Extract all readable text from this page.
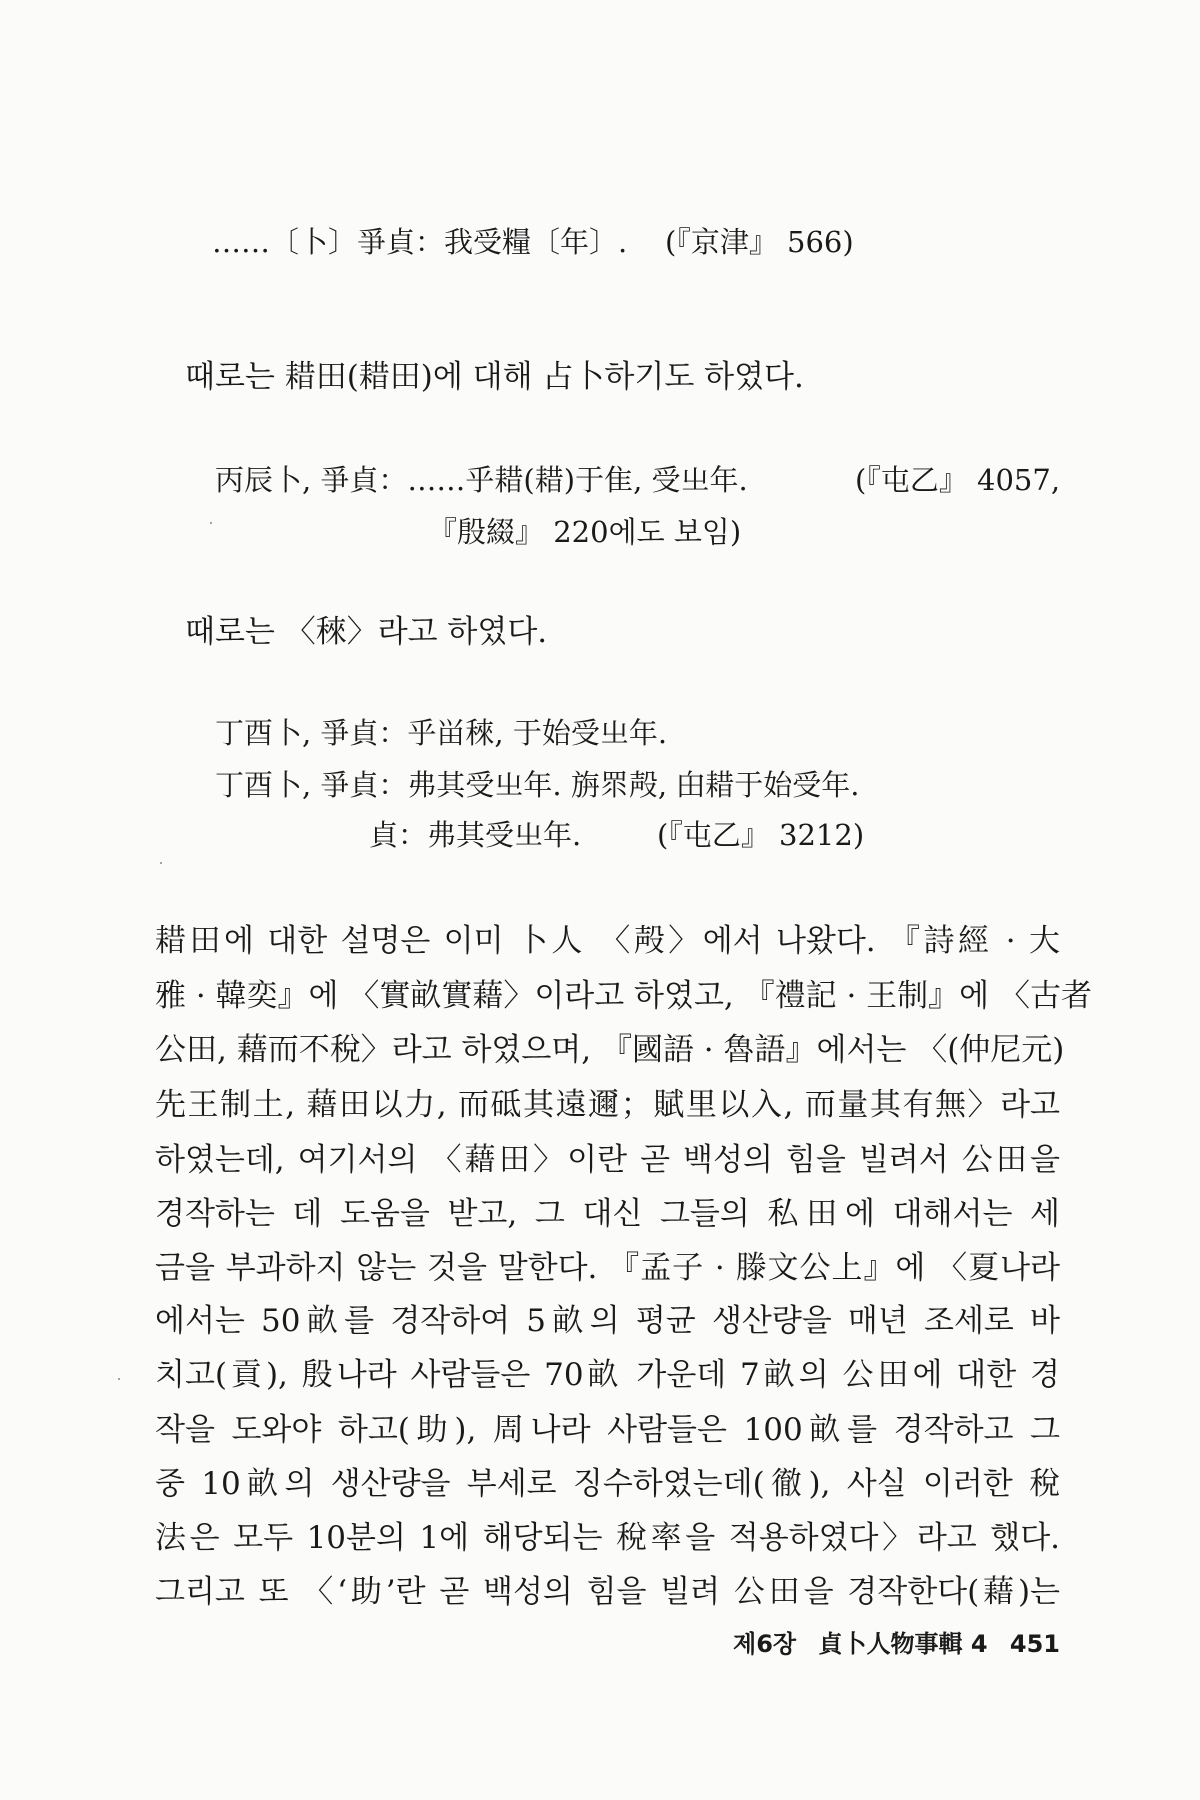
……〔卜〕爭貞：我受糧〔年〕. (『京津』 566)
때로는 耤田(耤田)에 대해 占卜하기도 하였다.
丙辰卜, 爭貞：……乎耤(耤)于隹, 受㞢年.	(『屯乙』 4057,
『殷綴』 220에도 보임)
때로는 〈䅘〉라고 하였다.
丁酉卜, 爭貞：乎畄䅘, 于始受㞢年.
丁酉卜, 爭貞：弗其受㞢年. 旃眔殸, 甶耤于始受年.
貞：弗其受㞢年.	(『屯乙』 3212)
耤田에 대한 설명은 이미 卜人 〈殸〉에서 나왔다. 『詩經 · 大
雅 · 韓奕』에 〈實畝實藉〉이라고 하였고, 『禮記 · 王制』에 〈古者
公田, 藉而不稅〉라고 하였으며, 『國語 · 魯語』에서는 〈(仲尼元)
先王制土, 藉田以力, 而砥其遠邇；賦里以入, 而量其有無〉라고
하였는데, 여기서의 〈藉田〉이란 곧 백성의 힘을 빌려서 公田을
경작하는 데 도움을 받고, 그 대신 그들의 私田에 대해서는 세
금을 부과하지 않는 것을 말한다. 『孟子 · 滕文公上』에 〈夏나라
에서는 50畝를 경작하여 5畝의 평균 생산량을 매년 조세로 바
치고(貢), 殷나라 사람들은 70畝 가운데 7畝의 公田에 대한 경
작을 도와야 하고(助), 周나라 사람들은 100畝를 경작하고 그
중 10畝의 생산량을 부세로 징수하였는데(徹), 사실 이러한 稅
法은 모두 10분의 1에 해당되는 稅率을 적용하였다〉라고 했다.
그리고 또 〈‘助’란 곧 백성의 힘을 빌려 公田을 경작한다(藉)는
제6장 貞卜人物事輯 4 451
